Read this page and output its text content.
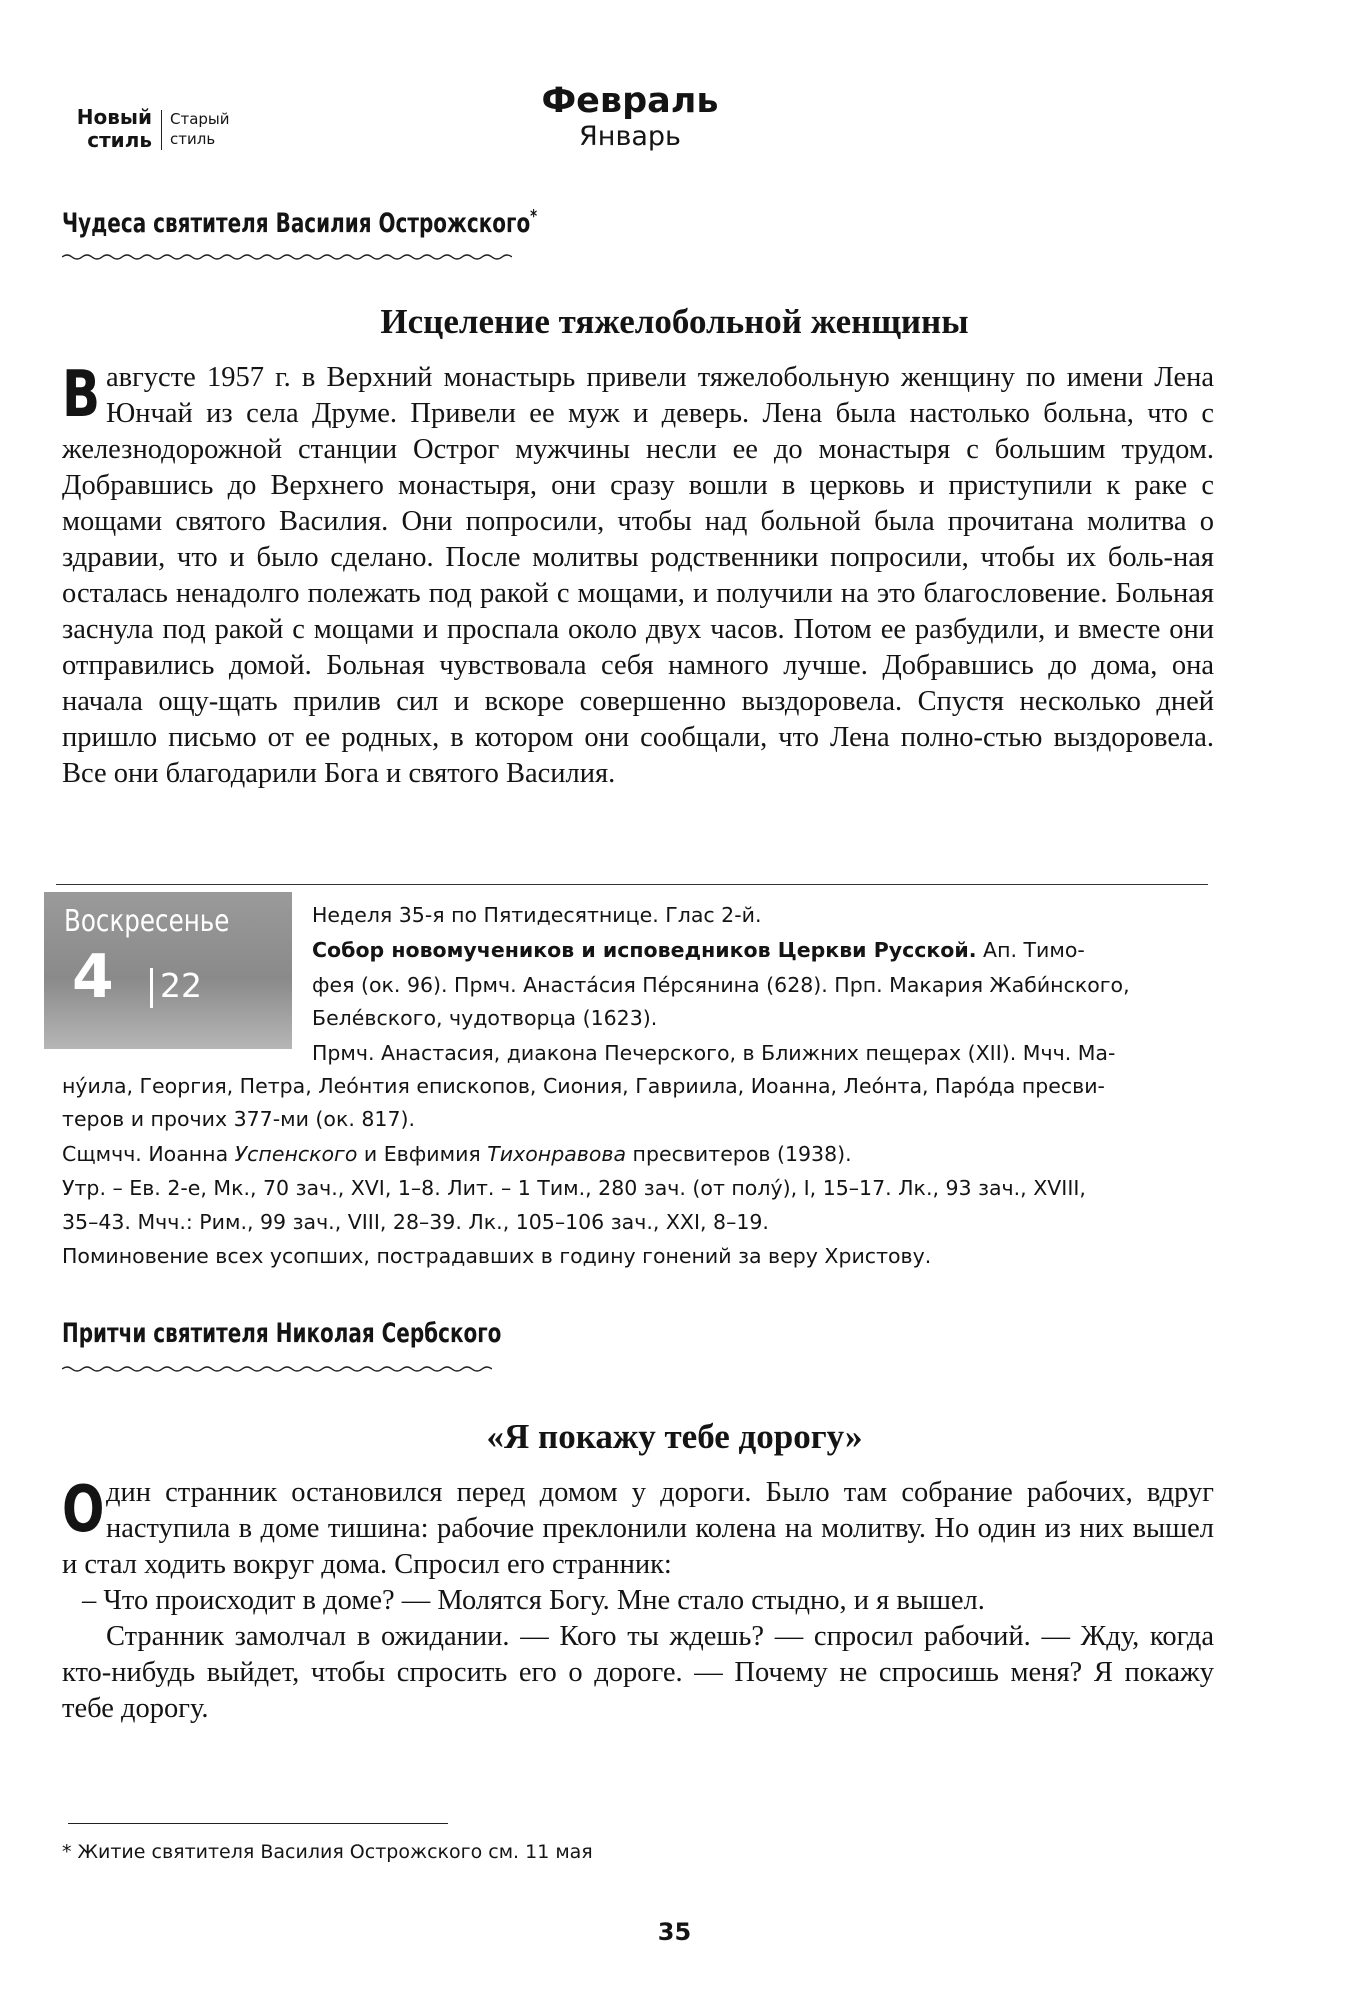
Новый стиль
Старый стиль
Февраль
Январь
Чудеса святителя Василия Острожского*
Исцеление тяжелобольной женщины

Вавгусте 1957 г. в Верхний монастырь привели тяжелобольную женщину по имени Лена Юнчай из села Друме. Привели ее муж и деверь. Лена была настолько больна, что с железнодорожной станции Острог мужчины несли ее до монастыря с большим трудом. Добравшись до Верхнего монастыря, они сразу вошли в церковь и приступили к раке с мощами святого Василия. Они попросили, чтобы над больной была прочитана молитва о здравии, что и было сделано. После молитвы родственники попросили, чтобы их боль-ная осталась ненадолго полежать под ракой с мощами, и получили на это благословение. Больная заснула под ракой с мощами и проспала около двух часов. Потом ее разбудили, и вместе они отправились домой. Больная чувствовала себя намного лучше. Добравшись до дома, она начала ощу-щать прилив сил и вскоре совершенно выздоровела. Спустя несколько дней пришло письмо от ее родных, в котором они сообщали, что Лена полно-стью выздоровела. Все они благодарили Бога и святого Василия.

Воскресенье
4 22
Неделя 35-я по Пятидесятнице. Глас 2-й.
Собор новомучеников и исповедников Церкви Русской. Ап. Тимо-
фея (ок. 96). Прмч. Анаста́сия Пе́рсянина (628). Прп. Макария Жаби́нского,
Беле́вского, чудотворца (1623).
Прмч. Анастасия, диакона Печерского, в Ближних пещерах (XII). Мчч. Ма-
ну́ила, Георгия, Петра, Лео́нтия епископов, Сиония, Гавриила, Иоанна, Лео́нта, Паро́да пресви-
теров и прочих 377-ми (ок. 817).
Сщмчч. Иоанна Успенского и Евфимия Тихонравова пресвитеров (1938).
Утр. – Ев. 2-е, Мк., 70 зач., XVI, 1–8. Лит. – 1 Тим., 280 зач. (от полу́), I, 15–17. Лк., 93 зач., XVIII,
35–43. Мчч.: Рим., 99 зач., VIII, 28–39. Лк., 105–106 зач., XXI, 8–19.
Поминовение всех усопших, пострадавших в годину гонений за веру Христову.
Притчи святителя Николая Сербского
«Я покажу тебе дорогу»

Один странник остановился перед домом у дороги. Было там собрание рабочих, вдруг наступила в доме тишина: рабочие преклонили колена на молитву. Но один из них вышел и стал ходить вокруг дома. Спросил его странник:

– Что происходит в доме? — Молятся Богу. Мне стало стыдно, и я вышел.

Странник замолчал в ожидании. — Кого ты ждешь? — спросил рабочий. — Жду, когда кто-нибудь выйдет, чтобы спросить его о дороге. — Почему не спросишь меня? Я покажу тебе дорогу.

* Житие святителя Василия Острожского см. 11 мая
35
